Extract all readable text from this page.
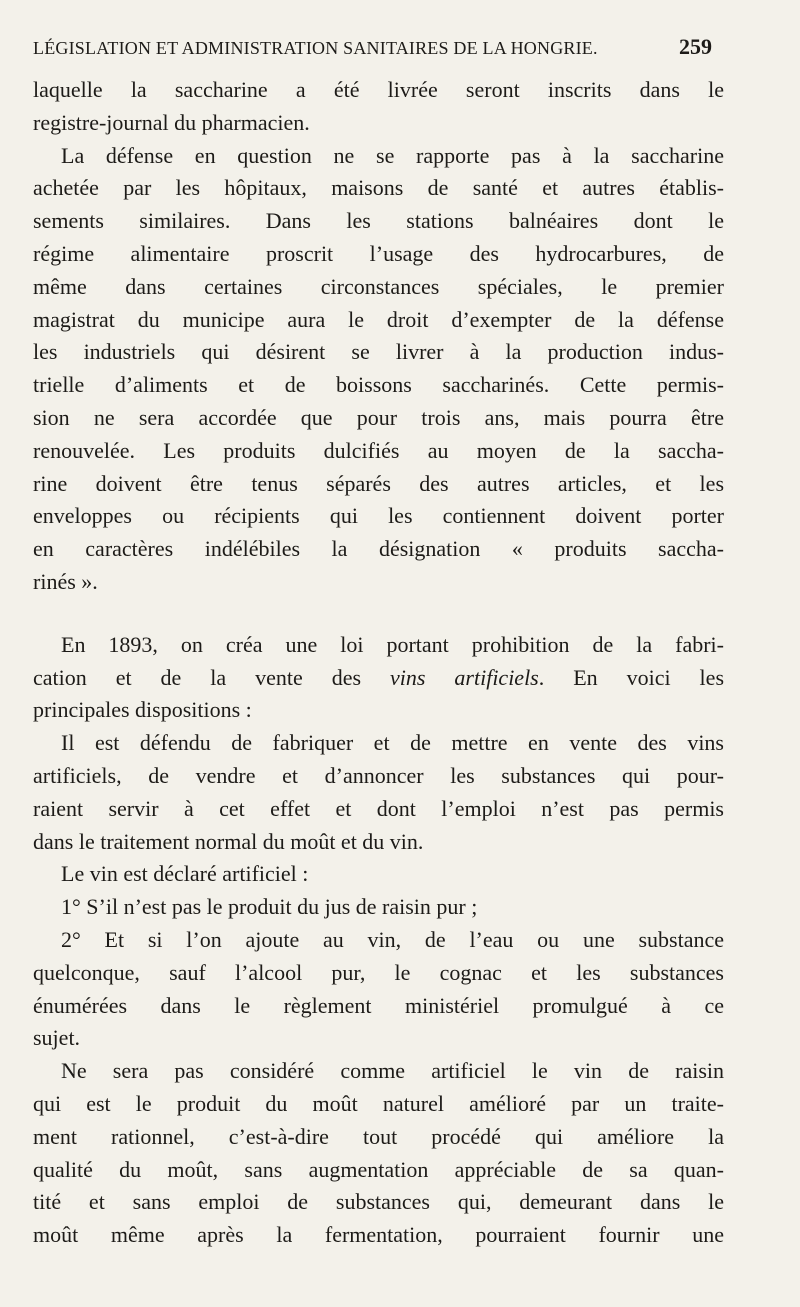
LÉGISLATION ET ADMINISTRATION SANITAIRES DE LA HONGRIE.	259
laquelle la saccharine a été livrée seront inscrits dans le
registre-journal du pharmacien.
La défense en question ne se rapporte pas à la saccharine
achetée par les hôpitaux, maisons de santé et autres établis-
sements similaires. Dans les stations balnéaires dont le
régime alimentaire proscrit l’usage des hydrocarbures, de
même dans certaines circonstances spéciales, le premier
magistrat du municipe aura le droit d’exempter de la défense
les industriels qui désirent se livrer à la production indus-
trielle d’aliments et de boissons saccharinés. Cette permis-
sion ne sera accordée que pour trois ans, mais pourra être
renouvelée. Les produits dulcifiés au moyen de la saccha-
rine doivent être tenus séparés des autres articles, et les
enveloppes ou récipients qui les contiennent doivent porter
en caractères indélébiles la désignation « produits saccha-
rinés ».
En 1893, on créa une loi portant prohibition de la fabri-
cation et de la vente des vins artificiels. En voici les
principales dispositions :
Il est défendu de fabriquer et de mettre en vente des vins
artificiels, de vendre et d’annoncer les substances qui pour-
raient servir à cet effet et dont l’emploi n’est pas permis
dans le traitement normal du moût et du vin.
Le vin est déclaré artificiel :
1° S’il n’est pas le produit du jus de raisin pur ;
2° Et si l’on ajoute au vin, de l’eau ou une substance
quelconque, sauf l’alcool pur, le cognac et les substances
énumérées dans le règlement ministériel promulgué à ce
sujet.
Ne sera pas considéré comme artificiel le vin de raisin
qui est le produit du moût naturel amélioré par un traite-
ment rationnel, c’est-à-dire tout procédé qui améliore la
qualité du moût, sans augmentation appréciable de sa quan-
tité et sans emploi de substances qui, demeurant dans le
moût même après la fermentation, pourraient fournir une
